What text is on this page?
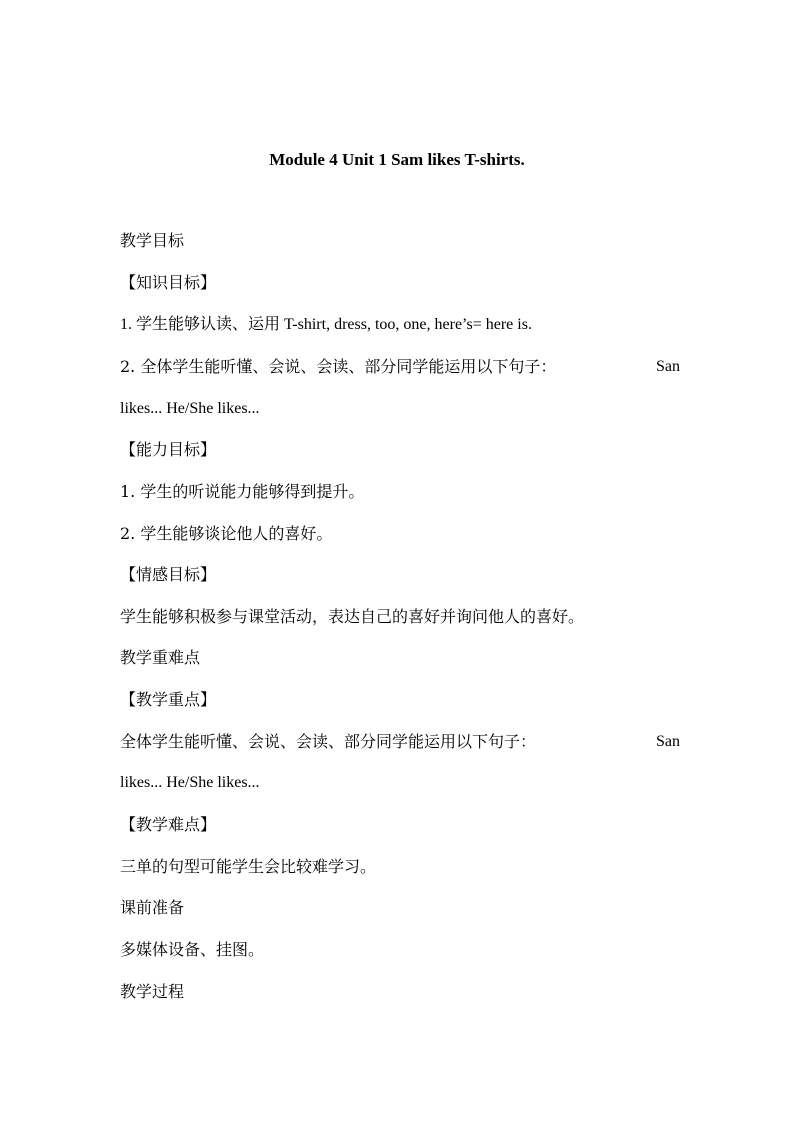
Module 4 Unit 1 Sam likes T-shirts.
教学目标
【知识目标】
1. 学生能够认读、运用 T-shirt, dress, too, one, here’s= here is.
2. 全体学生能听懂、会说、会读、部分同学能运用以下句子：	San
likes... He/She likes...
【能力目标】
1. 学生的听说能力能够得到提升。
2. 学生能够谈论他人的喜好。
【情感目标】
学生能够积极参与课堂活动，表达自己的喜好并询问他人的喜好。
教学重难点
【教学重点】
全体学生能听懂、会说、会读、部分同学能运用以下句子：	San
likes... He/She likes...
【教学难点】
三单的句型可能学生会比较难学习。
课前准备
多媒体设备、挂图。
教学过程
